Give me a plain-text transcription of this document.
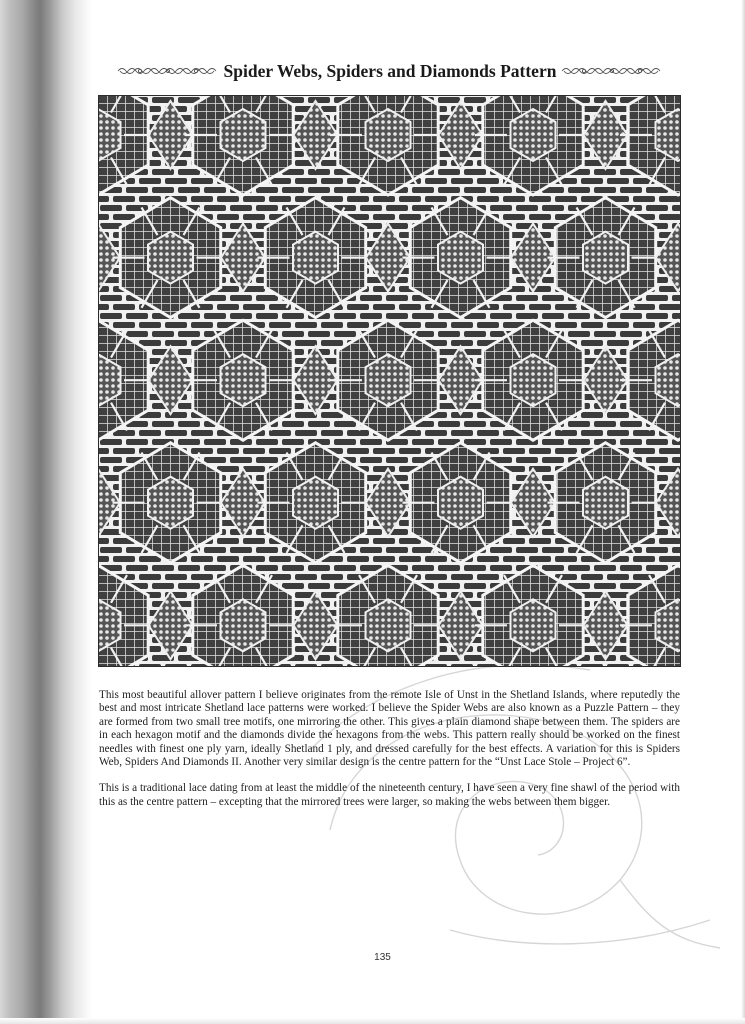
Spider Webs, Spiders and Diamonds Pattern

This most beautiful allover pattern I believe originates from the remote Isle of Unst in the Shetland Islands, where reputedly the best and most intricate Shetland lace patterns were worked. I believe the Spider Webs are also known as a Puzzle Pattern – they are formed from two small tree motifs, one mirroring the other. This gives a plain diamond shape between them. The spiders are in each hexagon motif and the diamonds divide the hexagons from the webs. This pattern really should be worked on the finest needles with finest one ply yarn, ideally Shetland 1 ply, and dressed carefully for the best effects. A variation for this is Spiders Web, Spiders And Diamonds II. Another very similar design is the centre pattern for the “Unst Lace Stole – Project 6”.

This is a traditional lace dating from at least the middle of the nineteenth century, I have seen a very fine shawl of the period with this as the centre pattern – excepting that the mirrored trees were larger, so making the webs between them bigger.

135
